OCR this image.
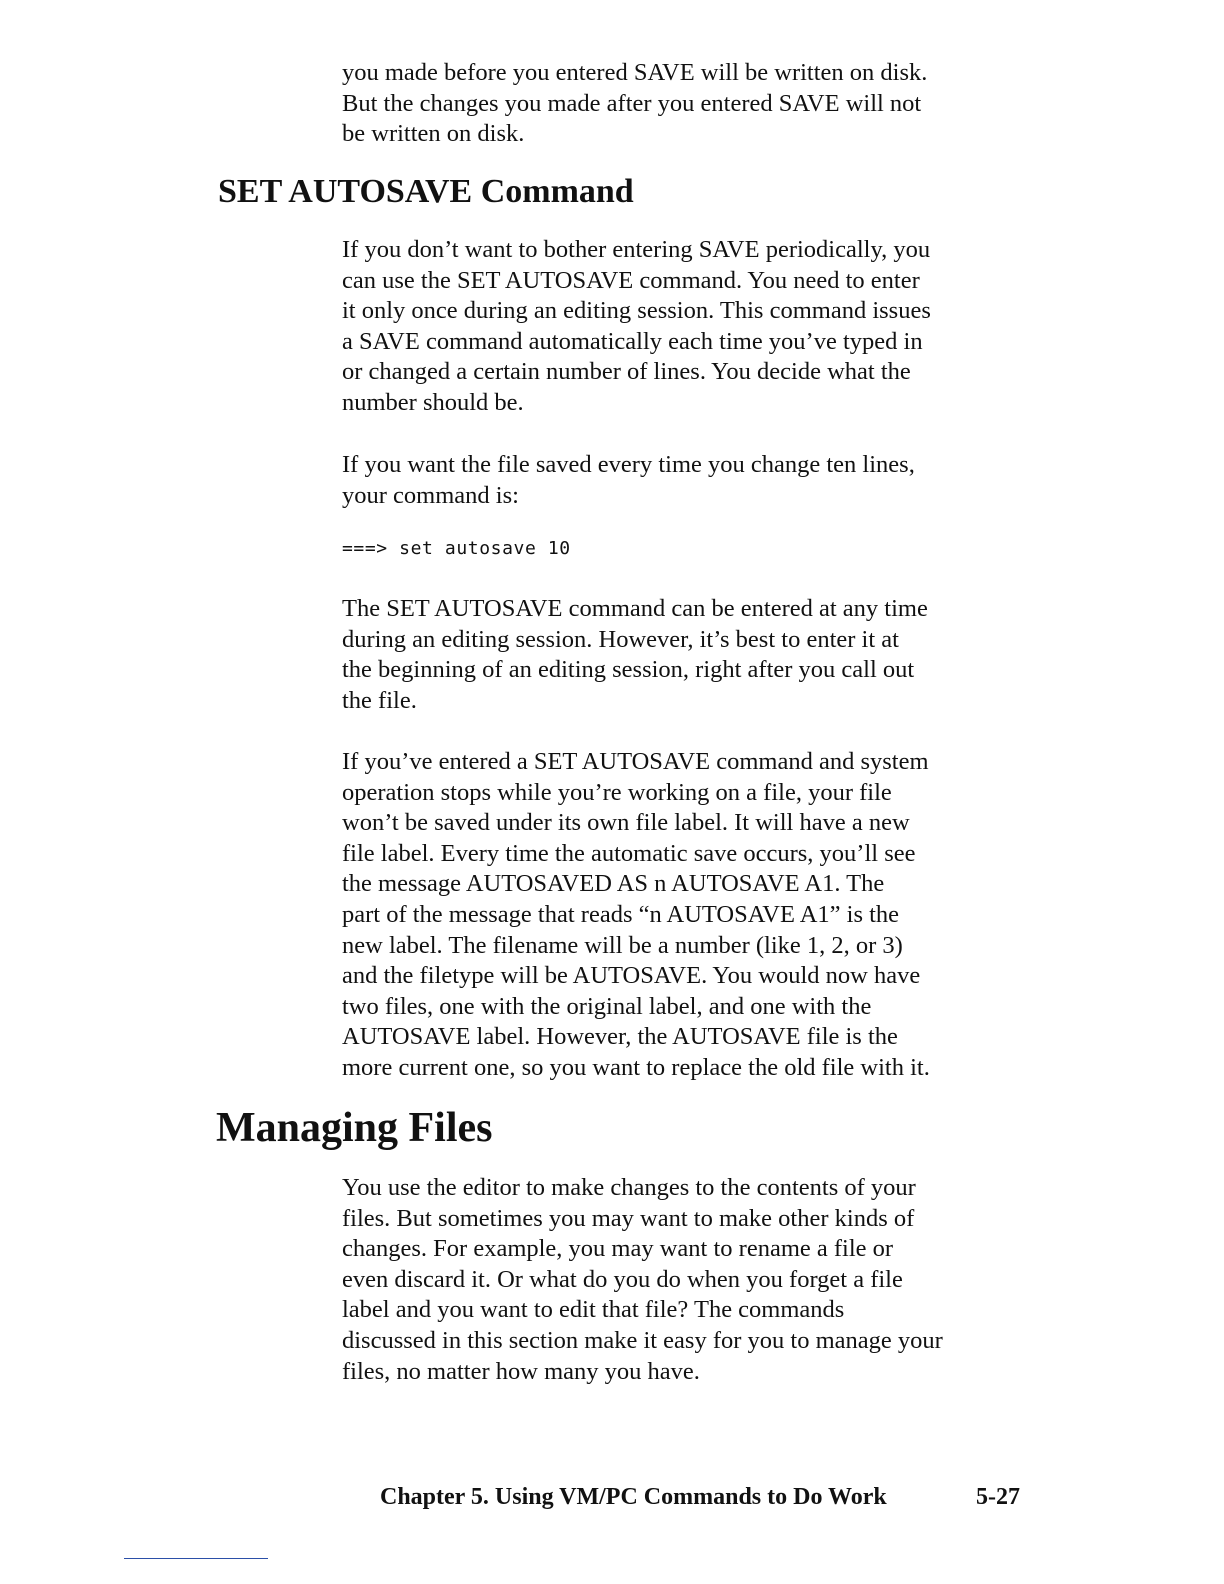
you made before you entered SAVE will be written on disk.
But the changes you made after you entered SAVE will not
be written on disk.

SET AUTOSAVE Command

If you don’t want to bother entering SAVE periodically, you
can use the SET AUTOSAVE command. You need to enter
it only once during an editing session. This command issues
a SAVE command automatically each time you’ve typed in
or changed a certain number of lines. You decide what the
number should be.

If you want the file saved every time you change ten lines,
your command is:

===> set autosave 10

The SET AUTOSAVE command can be entered at any time
during an editing session. However, it’s best to enter it at
the beginning of an editing session, right after you call out
the file.

If you’ve entered a SET AUTOSAVE command and system
operation stops while you’re working on a file, your file
won’t be saved under its own file label. It will have a new
file label. Every time the automatic save occurs, you’ll see
the message AUTOSAVED AS n AUTOSAVE A1. The
part of the message that reads “n AUTOSAVE A1” is the
new label. The filename will be a number (like 1, 2, or 3)
and the filetype will be AUTOSAVE. You would now have
two files, one with the original label, and one with the
AUTOSAVE label. However, the AUTOSAVE file is the
more current one, so you want to replace the old file with it.

Managing Files

You use the editor to make changes to the contents of your
files. But sometimes you may want to make other kinds of
changes. For example, you may want to rename a file or
even discard it. Or what do you do when you forget a file
label and you want to edit that file? The commands
discussed in this section make it easy for you to manage your
files, no matter how many you have.

Chapter 5. Using VM/PC Commands to Do Work	5-27
